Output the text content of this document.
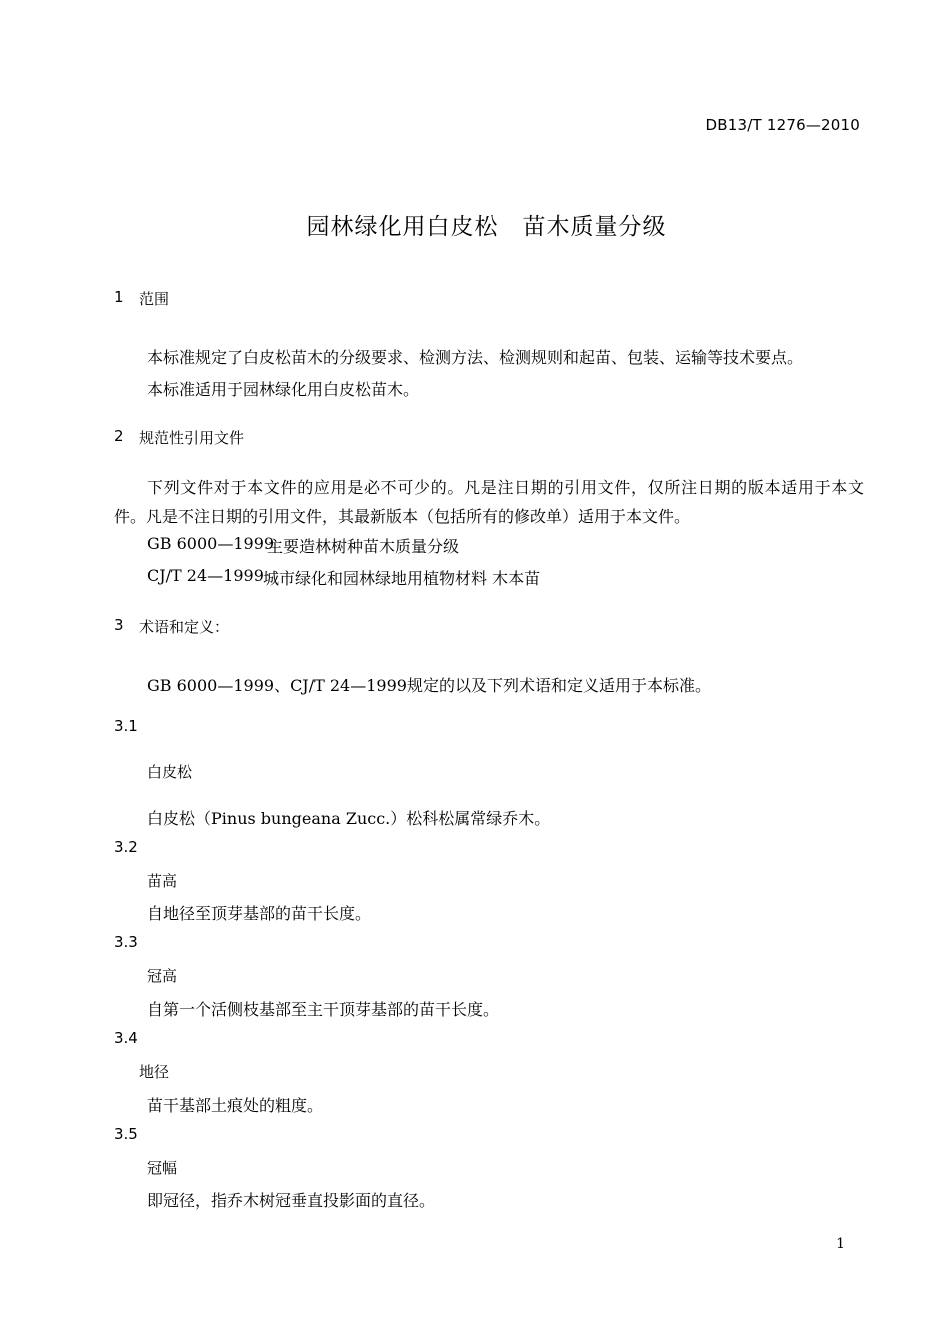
DB13/T 1276—2010
园林绿化用白皮松　苗木质量分级
1 范围
本标准规定了白皮松苗木的分级要求、检测方法、检测规则和起苗、包装、运输等技术要点。
本标准适用于园林绿化用白皮松苗木。
2 规范性引用文件
下列文件对于本文件的应用是必不可少的。凡是注日期的引用文件，仅所注日期的版本适用于本文件。凡是不注日期的引用文件，其最新版本（包括所有的修改单）适用于本文件。
GB 6000—1999
主要造林树种苗木质量分级
CJ/T 24—1999 城市绿化和园林绿地用植物材料 木本苗
3 术语和定义：
GB 6000—1999、CJ/T 24—1999规定的以及下列术语和定义适用于本标准。
3.1
白皮松
白皮松（Pinus bungeana Zucc.）松科松属常绿乔木。
3.2
苗高
自地径至顶芽基部的苗干长度。
3.3
冠高
自第一个活侧枝基部至主干顶芽基部的苗干长度。
3.4
地径
苗干基部土痕处的粗度。
3.5
冠幅
即冠径，指乔木树冠垂直投影面的直径。
1
